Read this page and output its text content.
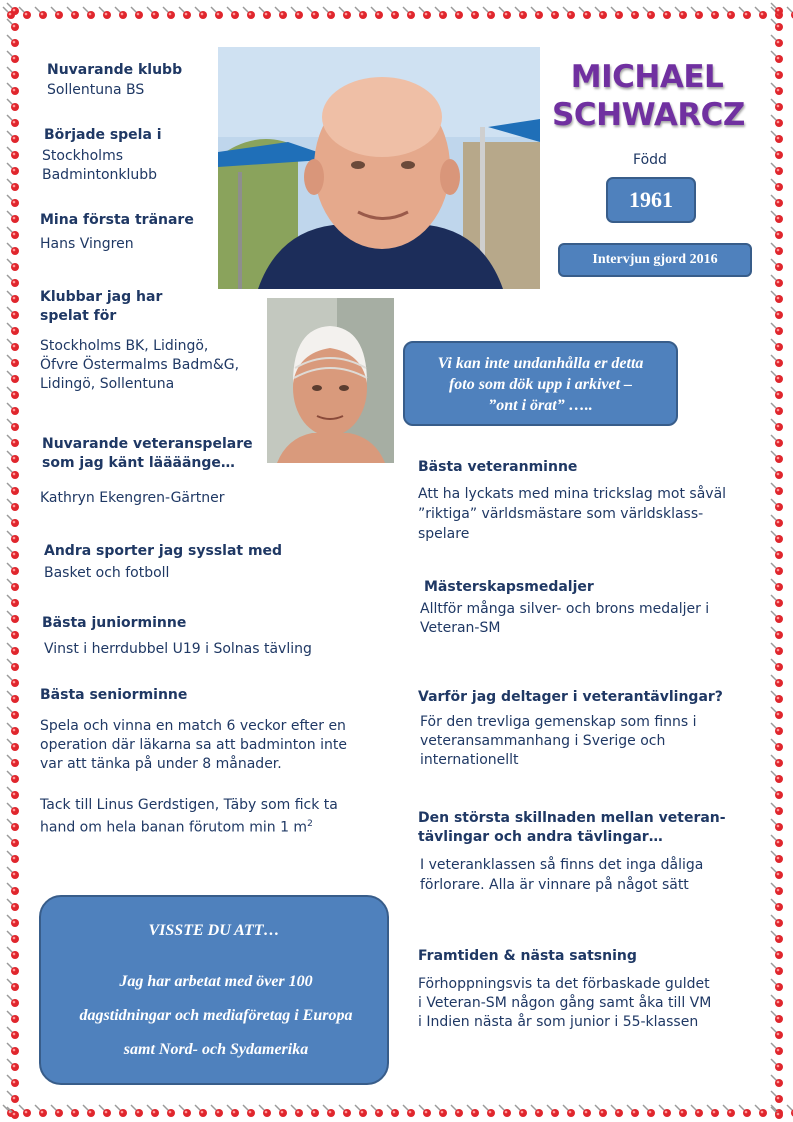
MICHAEL
SCHWARCZ
Född
1961
Intervjun gjord 2016
Nuvarande klubb
Sollentuna BS
Började spela i
Stockholms
Badmintonklubb
Mina första tränare
Hans Vingren
Klubbar jag har
spelat för
Stockholms BK, Lidingö,
Öfvre Östermalms Badm&G,
Lidingö, Sollentuna
Nuvarande veteranspelare
som jag känt läääänge…
Kathryn Ekengren-Gärtner
Andra sporter jag sysslat med
Basket och fotboll
Bästa juniorminne
Vinst i herrdubbel U19 i Solnas tävling
Bästa seniorminne
Spela och vinna en match 6 veckor efter en
operation där läkarna sa att badminton inte
var att tänka på under 8 månader.
Tack till Linus Gerdstigen, Täby som fick ta
hand om hela banan förutom min 1 $m^2$
Vi kan inte undanhålla er detta
foto som dök upp i arkivet –
”ont i örat” …..
Bästa veteranminne
Att ha lyckats med mina trickslag mot såväl
”riktiga” världsmästare som världsklass-
spelare
Mästerskapsmedaljer
Alltför många silver- och brons medaljer i
Veteran-SM
Varför jag deltager i veterantävlingar?
För den trevliga gemenskap som finns i
veteransammanhang i Sverige och
internationellt
Den största skillnaden mellan veteran-
tävlingar och andra tävlingar…
I veteranklassen så finns det inga dåliga
förlorare. Alla är vinnare på något sätt
Framtiden & nästa satsning
Förhoppningsvis ta det förbaskade guldet
i Veteran-SM någon gång samt åka till VM
i Indien nästa år som junior i 55-klassen
VISSTE DU ATT…
Jag har arbetat med över 100
dagstidningar och mediaföretag i Europa
samt Nord- och Sydamerika
